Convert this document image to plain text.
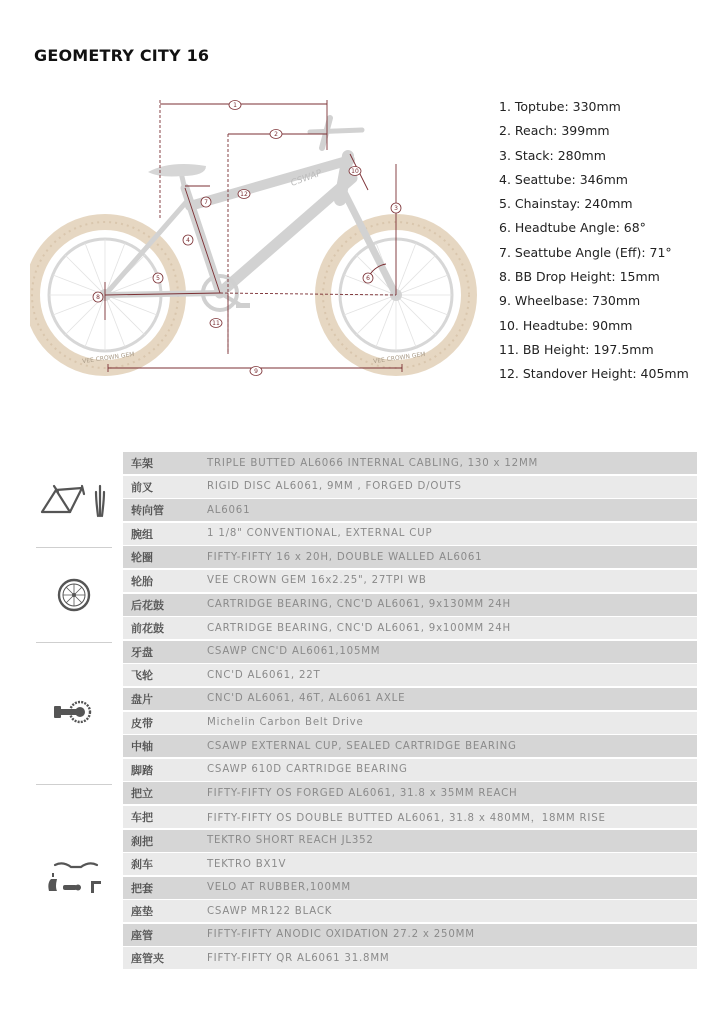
GEOMETRY CITY 16
VEE CROWN GEM	VEE CROWN GEM
CSWAP
1
2
3
4
5	6
7
8
9
10
11
12
1. Toptube: 330mm
2. Reach: 399mm
3. Stack: 280mm
4. Seattube: 346mm
5. Chainstay: 240mm
6. Headtube Angle: 68°
7. Seattube Angle (Eff): 71°
8. BB Drop Height: 15mm
9. Wheelbase: 730mm
10. Headtube: 90mm
11. BB Height: 197.5mm
12. Standover Height: 405mm
车架	TRIPLE BUTTED AL6066 INTERNAL CABLING, 130 x 12MM
前叉	RIGID DISC AL6061, 9MM , FORGED D/OUTS
转向管	AL6061
腕组	1 1/8" CONVENTIONAL, EXTERNAL CUP
轮圈	FIFTY-FIFTY 16 x 20H, DOUBLE WALLED AL6061
轮胎	VEE CROWN GEM 16x2.25", 27TPI WB
后花鼓	CARTRIDGE BEARING, CNC'D AL6061, 9x130MM 24H
前花鼓	CARTRIDGE BEARING, CNC'D AL6061, 9x100MM 24H
牙盘	CSAWP CNC'D AL6061,105MM
飞轮	CNC'D AL6061, 22T
盘片	CNC'D AL6061, 46T, AL6061 AXLE
皮带	Michelin Carbon Belt Drive
中轴	CSAWP EXTERNAL CUP, SEALED CARTRIDGE BEARING
脚踏	CSAWP 610D CARTRIDGE BEARING
把立	FIFTY-FIFTY OS FORGED AL6061, 31.8 x 35MM REACH
车把	FIFTY-FIFTY OS DOUBLE BUTTED AL6061, 31.8 x 480MM，18MM RISE
刹把	TEKTRO SHORT REACH JL352
刹车	TEKTRO BX1V
把套	VELO AT RUBBER,100MM
座垫	CSAWP MR122 BLACK
座管	FIFTY-FIFTY ANODIC OXIDATION 27.2 x 250MM
座管夹	FIFTY-FIFTY QR AL6061 31.8MM
